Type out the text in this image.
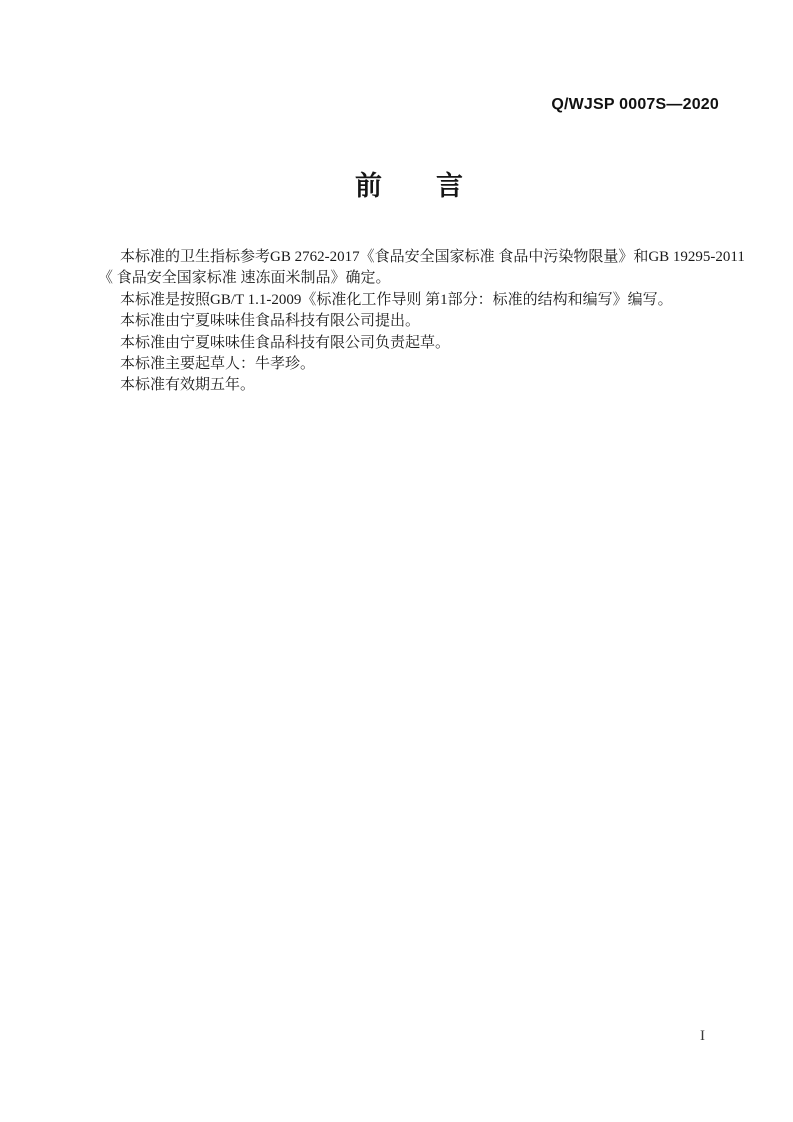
Q/WJSP 0007S—2020
前　　言
本标准的卫生指标参考GB 2762-2017《食品安全国家标准 食品中污染物限量》和GB 19295-2011
《 食品安全国家标准 速冻面米制品》确定。
本标准是按照GB/T 1.1-2009《标准化工作导则 第1部分：标准的结构和编写》编写。
本标准由宁夏味味佳食品科技有限公司提出。
本标准由宁夏味味佳食品科技有限公司负责起草。
本标准主要起草人：牛孝珍。
本标准有效期五年。
I
